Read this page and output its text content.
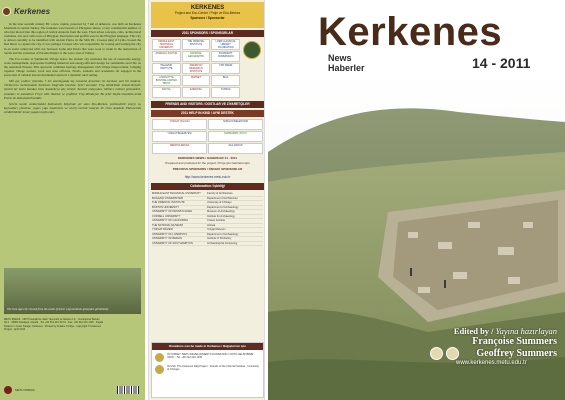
Kerkenes

In the later seventh century BC a new capital, protected by 7 km of defences, was built on Kerkenes Mountain in central Turkey. The founders were bearers of Phrygian culture, a very considerable number of who had moved into this region of central Anatolia from the west. Their urban concepts, cults, architectural traditions, arts and crafts were of Phrygian. Inscription and graffiti were in the Phrygian language. This city is almost certainly to be identified with ancient Pteria. In the 540s BC, Croesus king of Lydia crossed the Red River to capture the city. It was perhaps Croesus who was responsible for looting and burning the city in an event connected with war between Lydia and Persia that were soon to result in the destruction of Sardis and the extension of Persian Empire to the west coast of Turkey.

The Eco-Center at Şahmuratlı Village below the ancient city promotes the use of renewable energy, water management, appropriate building materials and energy-efficient design for sustainable rural life on the Anatolian Plateau. This approach combines heritage management with village improvement, bringing together village women, local and state officials, NGOs, students and academics all engaged in the protection of cultural and environmental assets in a dynamic rural setting.

MÖ geç yedinci yüzyılda, 7 km uzunluğunda taş savunma duvarları ile korunan yeni bir başkent, Türkiye'nin merkezindeki Kerkenes Dağı'nda kuruldu. Şehri kuranlar Frig kültürünün temsilcileriydi; önemli bir kısmı batıdan Orta Anadolu'ya göç etmişti. Kentsel anlayışları, kültleri, mimari gelenekleri, sanatları ve zanaatları Frig'e aitti. Yazıtlar ve grafitiler Frig dilindeydi. Bu şehir büyük olasılıkla antik Pteria ile özdeşleştirilmelidir.

Şehrin kentin eteklerindeki Şahmuratlı Köyü'nde yer alan Eko-Merkez, yenilenebilir enerji, su kaynakları yönetimi, uygun yapı malzemesi ve enerji verimli tasarım ile Orta Anadolu Platosu'nda sürdürülebilir kırsal yaşamı teşvik eder.

The Iron Age city viewed from the south. (Demir Çağı kentinin güneyden görünümü)
METU PRESS · ODTÜ Geliştirme Vakfı Yayıncılık ve İletişim A.Ş. · Dumlupınar Bulvarı No:1 · 06800 Çankaya, Ankara · Tel: +90 312 210 23 01 · Fax: +90 312 210 1105 · Kapak Tasarımı / Cover Design: Kerkenes · Printed by Ankara, Türkiye · Copyright © Kerkenes Project · April 2012
METU PRESS
KERKENES
Project and Eco-Center / Proje ve Eko-Merkez
Sponsors / Sponsorlar
2011 SPONSORS / SPONSORLAR
MIDDLE EAST TECHNICAL UNIVERSITY
THE ORIENTAL INSTITUTE
LOEB CLASSICAL LIBRARY FOUNDATION
ANADOLU KÜLTÜR	NATIONAL GEOGRAPHIC
FULBRIGHT COMMISSION
HELLENIC INSTITUTE
AMERICAN RESEARCH INSTITUTE
YAPI KREDİ
CHARLOTTE BONHAM-CARTER TRUST
MAPNET	BIAA
SOZYAL	ENERJİSA	TÜPRAŞ
FRIENDS AND VISITORS / DOSTLAR VE ZİYARETÇİLER
2011 HELP IN KIND / AYNİ DESTEK
YOZGAT VALİLİĞİ	SORGUN BELEDİYESİ
YOZGAT BELEDİYESİ	ŞAHMURATLI KÖYÜ
MEDOSA ENKAZ	AKA GROUP
KERKENES NEWS / HABERLER 14 · 2011
Prepared and produced for the project / Proje için hazırlanmıştır
PREVIOUS SPONSORS / ÖNCEKİ SPONSORLAR
http://www.kerkenes.metu.edu.tr
Collaboration / İşbirliği
MIDDLE EAST TECHNICAL UNIVERSITY	Faculty of Architecture
BOĞAZİÇİ ÜNİVERSİTESİ	Department of Architecture
THE ORIENTAL INSTITUTE	University of Chicago
BOSTON UNIVERSITY	Department of Archaeology
UNIVERSITY OF PENNSYLVANIA	Museum of Archaeology
CORNELL UNIVERSITY	Institute for Archaeology
UNIVERSITY OF CALIFORNIA	Cotsen Institute
THE NATIONAL MUSEUM	Ankara
YOZGAT MÜZESİ	Yozgat Museum
UNIVERSITY OF LIVERPOOL	Department of Archaeology
UNIVERSITY OF BERLIN	Institute of Prehistory
UNIVERSITY OF SOUTHAMPTON	Archaeological Computing
Donations can be made in Kerkenes / Bağışlarınız için
IN TURKEY: METU DEVELOPMENT FOUNDATION / ODTÜ GELİŞTİRME VAKFI · Tel: +90 312 210 1105
IN USA: The Kerkenes Dağ Project · Friends of the Oriental Institute · University of Chicago
Kerkenes
News
Haberler	14 - 2011
Edited by / Yayına hazırlayan
Françoise Summers
Geoffrey Summers
www.kerkenes.metu.edu.tr
